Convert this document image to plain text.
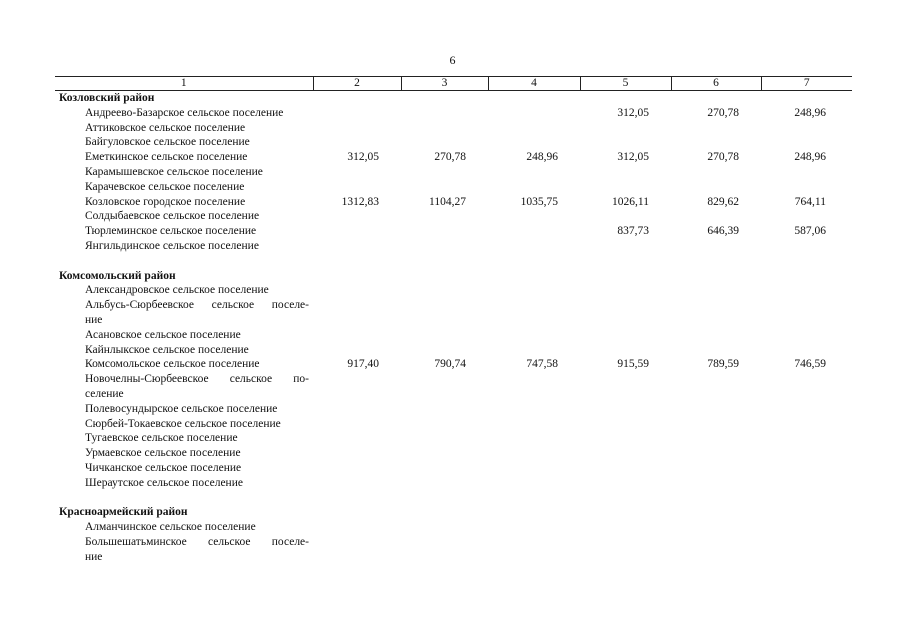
6
1	2	3	4	5	6	7
Козловский район						
Андреево-Базарское сельское поселение				312,05	270,78	248,96
Аттиковское сельское поселение						
Байгуловское сельское поселение						
Еметкинское сельское поселение	312,05	270,78	248,96	312,05	270,78	248,96
Карамышевское сельское поселение						
Карачевское сельское поселение						
Козловское городское поселение	1312,83	1104,27	1035,75	1026,11	829,62	764,11
Солдыбаевское сельское поселение						
Тюрлеминское сельское поселение				837,73	646,39	587,06
Янгильдинское сельское поселение						

Комсомольский район						
Александровское сельское поселение						
Альбусь-Сюрбеевское сельское поселе-						
ние						
Асановское сельское поселение						
Кайнлыкское сельское поселение						
Комсомольское сельское поселение	917,40	790,74	747,58	915,59	789,59	746,59
Новочелны-Сюрбеевское сельское по-						
селение						
Полевосундырское сельское поселение						
Сюрбей-Токаевское сельское поселение						
Тугаевское сельское поселение						
Урмаевское сельское поселение						
Чичканское сельское поселение						
Шераутское сельское поселение						

Красноармейский район						
Алманчинское сельское поселение						
Большешатьминское сельское поселе-						
ние						
